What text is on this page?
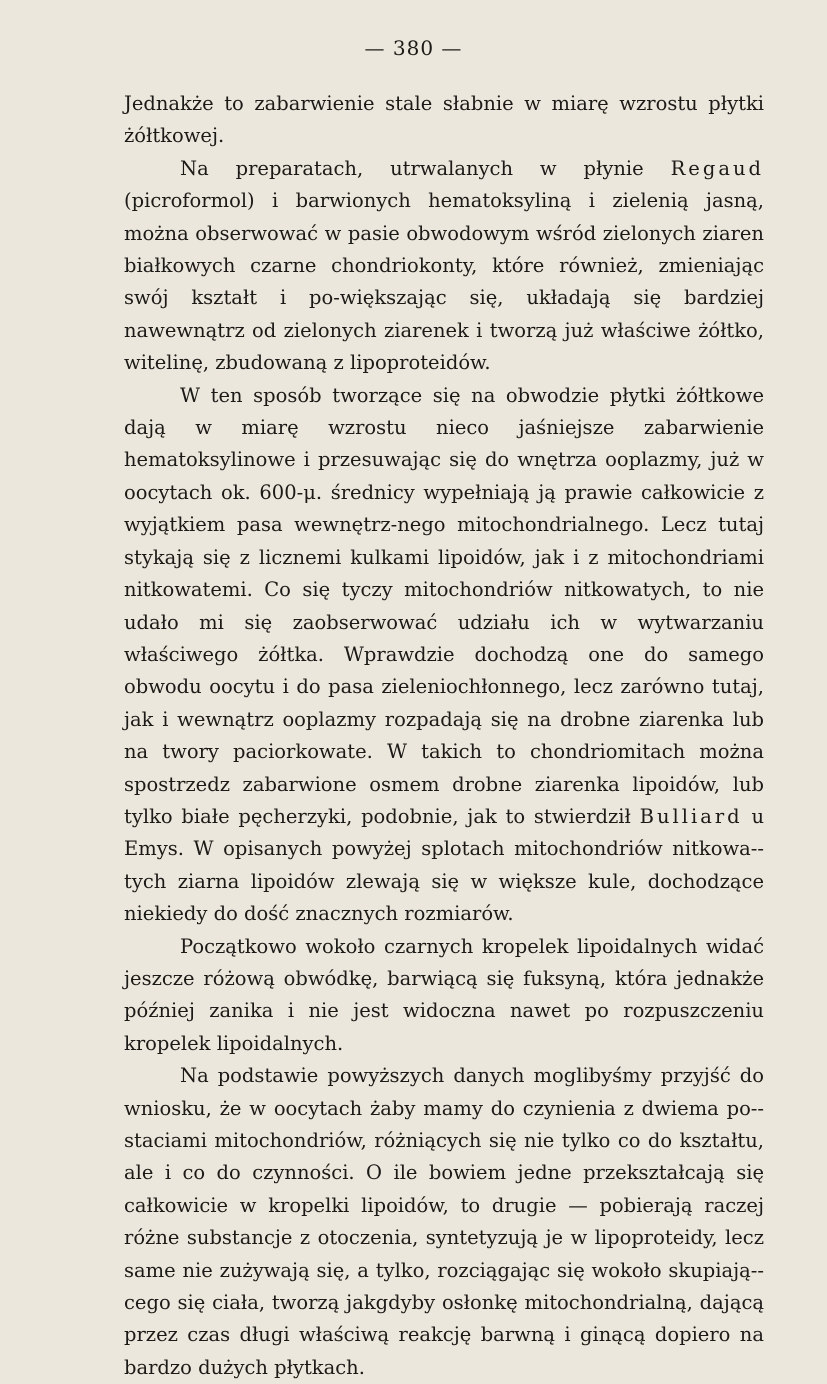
— 380 —

Jednakże to zabarwienie stale słabnie w miarę wzrostu płytki żółtkowej.

Na preparatach, utrwalanych w płynie Regaud (picroformol) i barwionych hematoksyliną i zielenią jasną, można obserwować w pasie obwodowym wśród zielonych ziaren białkowych czarne chondriokonty, które również, zmieniając swój kształt i po-większając się, układają się bardziej nawewnątrz od zielonych ziarenek i tworzą już właściwe żółtko, witelinę, zbudowaną z lipoproteidów.

W ten sposób tworzące się na obwodzie płytki żółtkowe dają w miarę wzrostu nieco jaśniejsze zabarwienie hematoksylinowe i przesuwając się do wnętrza ooplazmy, już w oocytach ok. 600-μ. średnicy wypełniają ją prawie całkowicie z wyjątkiem pasa wewnętrz-nego mitochondrialnego. Lecz tutaj stykają się z licznemi kulkami lipoidów, jak i z mitochondriami nitkowatemi. Co się tyczy mitochondriów nitkowatych, to nie udało mi się zaobserwować udziału ich w wytwarzaniu właściwego żółtka. Wprawdzie dochodzą one do samego obwodu oocytu i do pasa zieleniochłonnego, lecz zarówno tutaj, jak i wewnątrz ooplazmy rozpadają się na drobne ziarenka lub na twory paciorkowate. W takich to chondriomitach można spostrzedz zabarwione osmem drobne ziarenka lipoidów, lub tylko białe pęcherzyki, podobnie, jak to stwierdził Bulliard u Emys. W opisanych powyżej splotach mitochondriów nitkowa-tych ziarna lipoidów zlewają się w większe kule, dochodzące niekiedy do dość znacznych rozmiarów.

Początkowo wokoło czarnych kropelek lipoidalnych widać jeszcze różową obwódkę, barwiącą się fuksyną, która jednakże później zanika i nie jest widoczna nawet po rozpuszczeniu kropelek lipoidalnych.

Na podstawie powyższych danych moglibyśmy przyjść do wniosku, że w oocytach żaby mamy do czynienia z dwiema po-staciami mitochondriów, różniących się nie tylko co do kształtu, ale i co do czynności. O ile bowiem jedne przekształcają się całkowicie w kropelki lipoidów, to drugie — pobierają raczej różne substancje z otoczenia, syntetyzują je w lipoproteidy, lecz same nie zużywają się, a tylko, rozciągając się wokoło skupiają-cego się ciała, tworzą jakgdyby osłonkę mitochondrialną, dającą przez czas długi właściwą reakcję barwną i ginącą dopiero na bardzo dużych płytkach.
